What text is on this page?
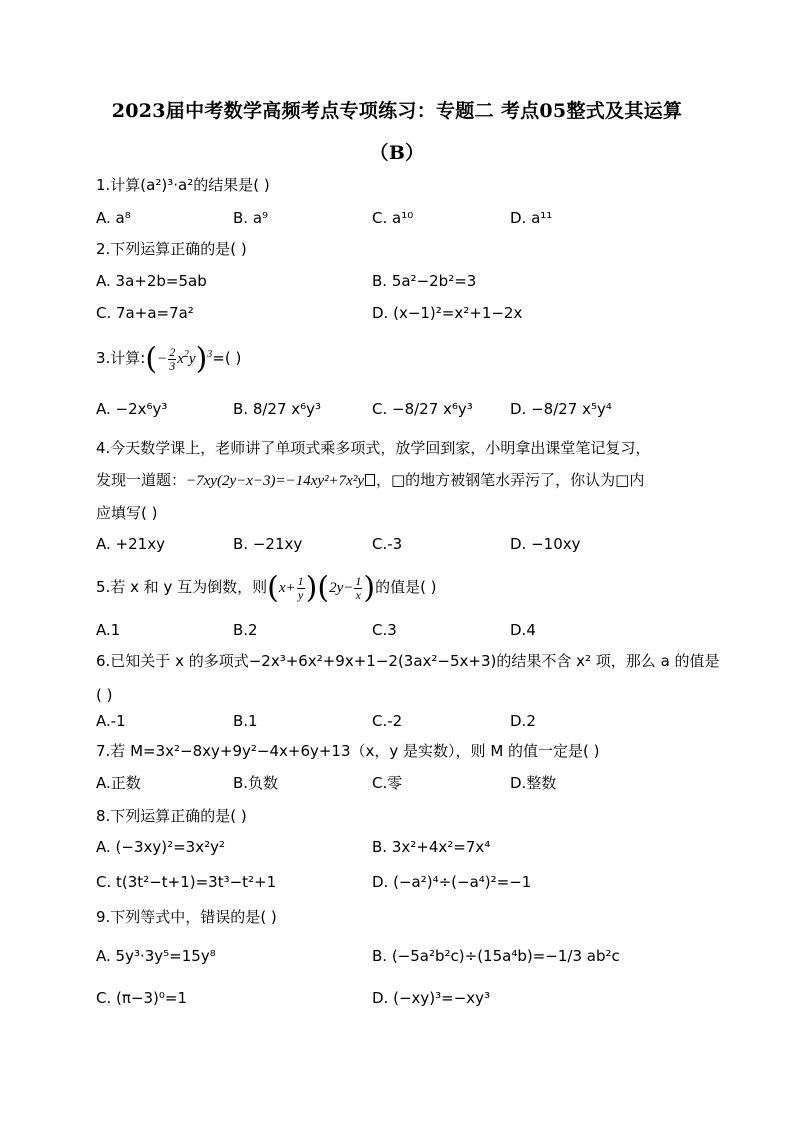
2023届中考数学高频考点专项练习：专题二 考点05整式及其运算
（B）
1.计算(a²)³·a²的结果是( )
A. a⁸	B. a⁹	C. a¹⁰	D. a¹¹
2.下列运算正确的是( )
A. 3a+2b=5ab	B. 5a²−2b²=3
C. 7a+a=7a²	D. (x−1)²=x²+1−2x
3.计算:(− $\frac{2}{3} x^2y)^3=$( )
A. −2x⁶y³	B. 8/27 x⁶y³	C. −8/27 x⁶y³ D. −8/27 x⁵y⁴
4.今天数学课上，老师讲了单项式乘多项式，放学回到家，小明拿出课堂笔记复习，
发现一道题：−7xy(2y−x−3)=−14xy²+7x²y ，□的地方被钢笔水弄污了，你认为□内
应填写( )
A. +21xy	B. −21xy	C.-3	D. −10xy
5.若 x 和 y 互为倒数，则$(x+ \frac{1}{y} )(2y- \frac{1}{x}$ )的值是( )
A.1	B.2	C.3	D.4
6.已知关于 x 的多项式−2x³+6x²+9x+1−2(3ax²−5x+3)的结果不含 x² 项，那么 a 的值是
( )
A.-1	B.1	C.-2	D.2
7.若 M=3x²−8xy+9y²−4x+6y+13（x，y 是实数），则 M 的值一定是( )
A.正数	B.负数	C.零	D.整数
8.下列运算正确的是( )
A. (−3xy)²=3x²y²	B. 3x²+4x²=7x⁴
C. t(3t²−t+1)=3t³−t²+1	D. (−a²)⁴÷(−a⁴)²=−1
9.下列等式中，错误的是( )
A. 5y³·3y⁵=15y⁸	B. (−5a²b²c)÷(15a⁴b)=−1/3 ab²c
C. (π−3)⁰=1	D. (−xy)³=−xy³
